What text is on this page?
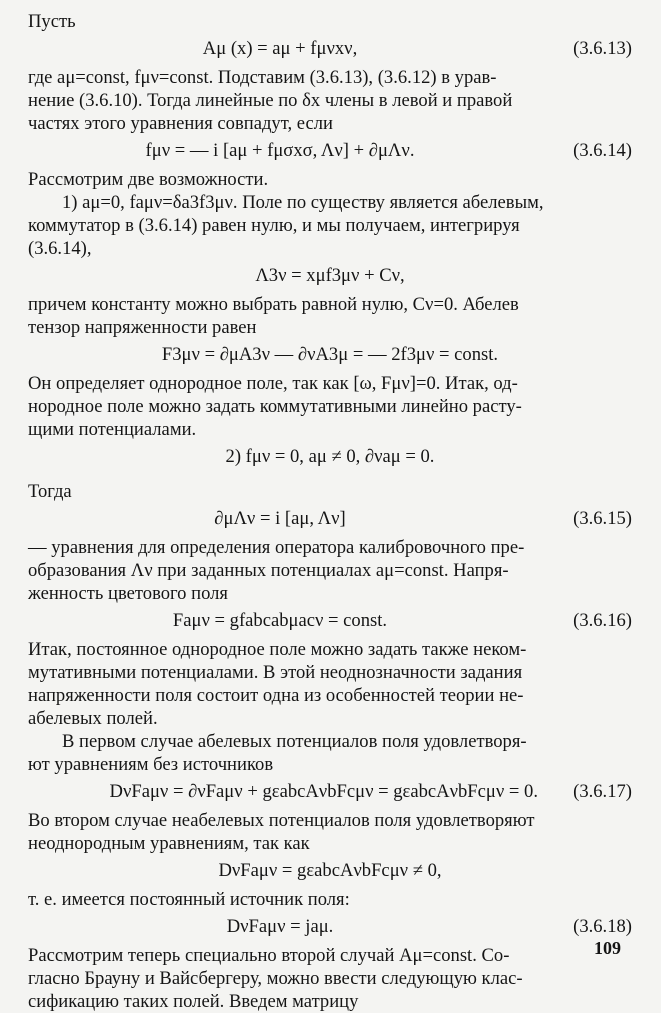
Пусть

Aμ (x) = aμ + fμνxν,	(3.6.13)

где aμ=const, fμν=const. Подставим (3.6.13), (3.6.12) в урав-

нение (3.6.10). Тогда линейные по δx члены в левой и правой

частях этого уравнения совпадут, если

fμν = — i [aμ + fμσxσ, Λν] + ∂μΛν.	(3.6.14)

Рассмотрим две возможности.

1) aμ=0, faμν=δa3f3μν. Поле по существу является абелевым,

коммутатор в (3.6.14) равен нулю, и мы получаем, интегрируя

(3.6.14),

Λ3ν = xμf3μν + Cν,

причем константу можно выбрать равной нулю, Cν=0. Абелев

тензор напряженности равен

F3μν = ∂μA3ν — ∂νA3μ = — 2f3μν = const.

Он определяет однородное поле, так как [ω, Fμν]=0. Итак, од-

нородное поле можно задать коммутативными линейно расту-

щими потенциалами.

2) fμν = 0, aμ ≠ 0, ∂νaμ = 0.

Тогда

∂μΛν = i [aμ, Λν]	(3.6.15)

— уравнения для определения оператора калибровочного пре-

образования Λν при заданных потенциалах aμ=const. Напря-

женность цветового поля

Faμν = gfabcabμacν = const.	(3.6.16)

Итак, постоянное однородное поле можно задать также неком-

мутативными потенциалами. В этой неоднозначности задания

напряженности поля состоит одна из особенностей теории не-

абелевых полей.

В первом случае абелевых потенциалов поля удовлетворя-

ют уравнениям без источников

DνFaμν = ∂νFaμν + gεabcAνbFcμν = gεabcAνbFcμν = 0.	(3.6.17)

Во втором случае неабелевых потенциалов поля удовлетворяют

неоднородным уравнениям, так как

DνFaμν = gεabcAνbFcμν ≠ 0,

т. е. имеется постоянный источник поля:

DνFaμν = jaμ.	(3.6.18)

Рассмотрим теперь специально второй случай Aμ=const. Со-

гласно Брауну и Вайсбергеру, можно ввести следующую клас-

сификацию таких полей. Введем матрицу

109
